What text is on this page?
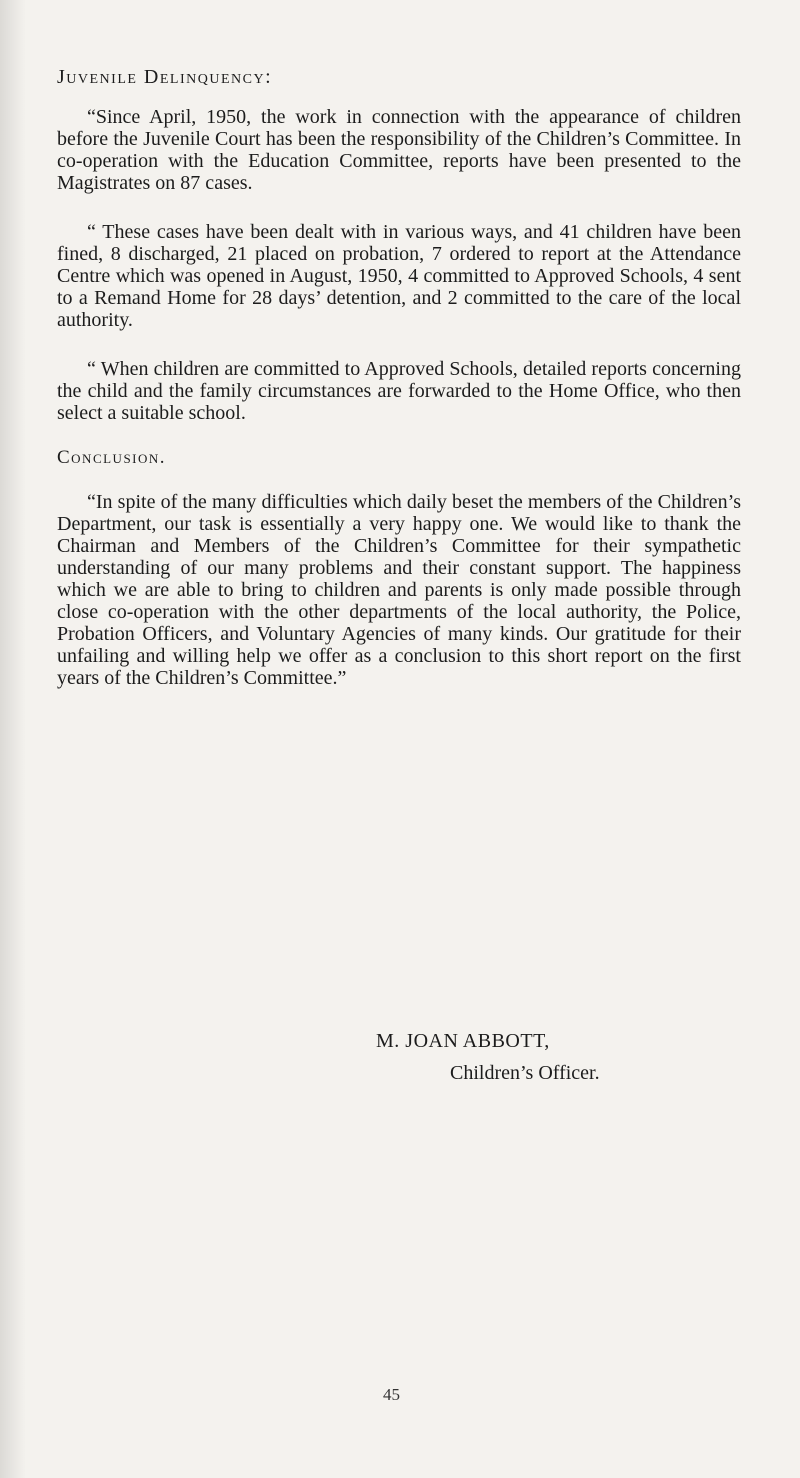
Juvenile Delinquency:

“Since April, 1950, the work in connection with the appearance of children before the Juvenile Court has been the responsibility of the Children’s Committee. In co-operation with the Education Committee, reports have been presented to the Magistrates on 87 cases.

“ These cases have been dealt with in various ways, and 41 children have been fined, 8 discharged, 21 placed on probation, 7 ordered to report at the Attendance Centre which was opened in August, 1950, 4 committed to Approved Schools, 4 sent to a Remand Home for 28 days’ detention, and 2 committed to the care of the local authority.

“ When children are committed to Approved Schools, detailed reports concerning the child and the family circumstances are forwarded to the Home Office, who then select a suitable school.

Conclusion.

“In spite of the many difficulties which daily beset the members of the Children’s Department, our task is essentially a very happy one. We would like to thank the Chairman and Members of the Children’s Committee for their sympathetic understanding of our many problems and their constant support. The happiness which we are able to bring to children and parents is only made possible through close co-operation with the other departments of the local authority, the Police, Probation Officers, and Voluntary Agencies of many kinds. Our gratitude for their unfailing and willing help we offer as a conclusion to this short report on the first years of the Children’s Committee.”

M. JOAN ABBOTT,
Children’s Officer.
45
